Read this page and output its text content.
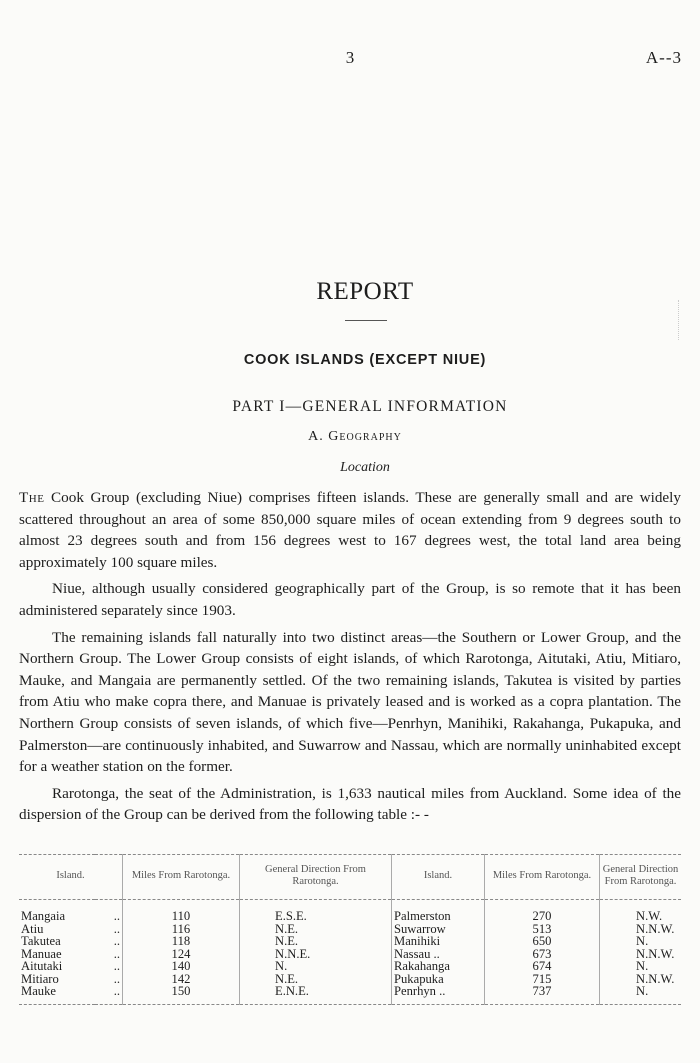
3	A--3
REPORT
COOK ISLANDS (EXCEPT NIUE)
PART I—GENERAL INFORMATION
A. Geography
Location

The Cook Group (excluding Niue) comprises fifteen islands. These are generally small and are widely scattered throughout an area of some 850,000 square miles of ocean extending from 9 degrees south to almost 23 degrees south and from 156 degrees west to 167 degrees west, the total land area being approximately 100 square miles.

Niue, although usually considered geographically part of the Group, is so remote that it has been administered separately since 1903.

The remaining islands fall naturally into two distinct areas—the Southern or Lower Group, and the Northern Group. The Lower Group consists of eight islands, of which Rarotonga, Aitutaki, Atiu, Mitiaro, Mauke, and Mangaia are permanently settled. Of the two remaining islands, Takutea is visited by parties from Atiu who make copra there, and Manuae is privately leased and is worked as a copra plantation. The Northern Group consists of seven islands, of which five—Penrhyn, Manihiki, Rakahanga, Pukapuka, and Palmerston—are continuously inhabited, and Suwarrow and Nassau, which are normally uninhabited except for a weather station on the former.

Rarotonga, the seat of the Administration, is 1,633 nautical miles from Auckland. Some idea of the dispersion of the Group can be derived from the following table :- -

Island.		Miles From Rarotonga.	General Direction From Rarotonga.	Island.	Miles From Rarotonga.	General Direction From Rarotonga.

Mangaia	..	110	E.S.E.	Palmerston	270	N.W.
Atiu	..	116	N.E.	Suwarrow	513	N.N.W.
Takutea	..	118	N.E.	Manihiki	650	N.
Manuae	..	124	N.N.E.	Nassau ..	673	N.N.W.
Aitutaki	..	140	N.	Rakahanga	674	N.
Mitiaro	..	142	N.E.	Pukapuka	715	N.N.W.
Mauke	..	150	E.N.E.	Penrhyn ..	737	N.
